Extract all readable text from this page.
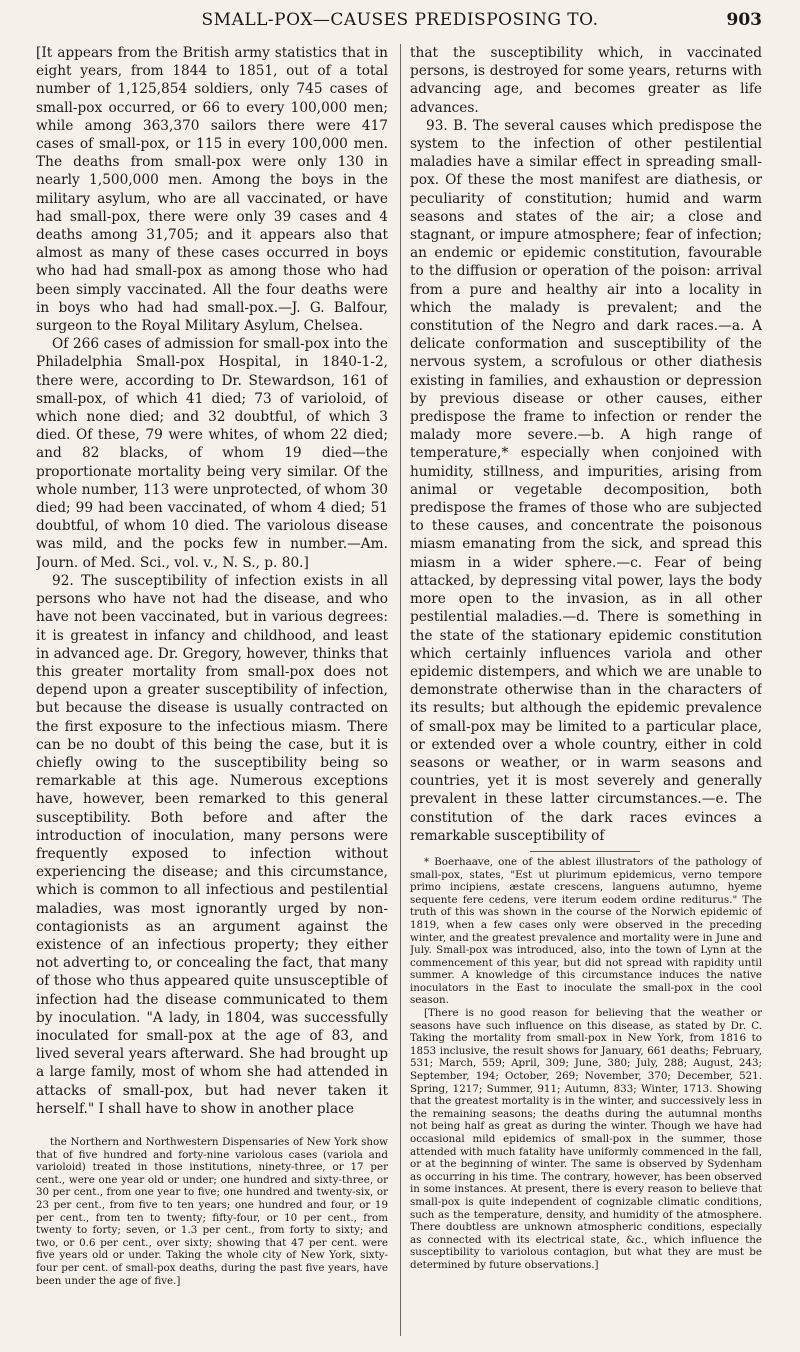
SMALL-POX—CAUSES PREDISPOSING TO.	903

[It appears from the British army statistics that in eight years, from 1844 to 1851, out of a total number of 1,125,854 soldiers, only 745 cases of small-pox occurred, or 66 to every 100,000 men; while among 363,370 sailors there were 417 cases of small-pox, or 115 in every 100,000 men. The deaths from small-pox were only 130 in nearly 1,500,000 men. Among the boys in the military asylum, who are all vaccinated, or have had small-pox, there were only 39 cases and 4 deaths among 31,705; and it appears also that almost as many of these cases occurred in boys who had had small-pox as among those who had been simply vaccinated. All the four deaths were in boys who had had small-pox.—J. G. Balfour, surgeon to the Royal Military Asylum, Chelsea.

Of 266 cases of admission for small-pox into the Philadelphia Small-pox Hospital, in 1840-1-2, there were, according to Dr. Stewardson, 161 of small-pox, of which 41 died; 73 of varioloid, of which none died; and 32 doubtful, of which 3 died. Of these, 79 were whites, of whom 22 died; and 82 blacks, of whom 19 died—the proportionate mortality being very similar. Of the whole number, 113 were unprotected, of whom 30 died; 99 had been vaccinated, of whom 4 died; 51 doubtful, of whom 10 died. The variolous disease was mild, and the pocks few in number.—Am. Journ. of Med. Sci., vol. v., N. S., p. 80.]

92. The susceptibility of infection exists in all persons who have not had the disease, and who have not been vaccinated, but in various degrees: it is greatest in infancy and childhood, and least in advanced age. Dr. Gregory, however, thinks that this greater mortality from small-pox does not depend upon a greater susceptibility of infection, but because the disease is usually contracted on the first exposure to the infectious miasm. There can be no doubt of this being the case, but it is chiefly owing to the susceptibility being so remarkable at this age. Numerous exceptions have, however, been remarked to this general susceptibility. Both before and after the introduction of inoculation, many persons were frequently exposed to infection without experiencing the disease; and this circumstance, which is common to all infectious and pestilential maladies, was most ignorantly urged by non-contagionists as an argument against the existence of an infectious property; they either not adverting to, or concealing the fact, that many of those who thus appeared quite unsusceptible of infection had the disease communicated to them by inoculation. "A lady, in 1804, was successfully inoculated for small-pox at the age of 83, and lived several years afterward. She had brought up a large family, most of whom she had attended in attacks of small-pox, but had never taken it herself." I shall have to show in another place

the Northern and Northwestern Dispensaries of New York show that of five hundred and forty-nine variolous cases (variola and varioloid) treated in those institutions, ninety-three, or 17 per cent., were one year old or under; one hundred and sixty-three, or 30 per cent., from one year to five; one hundred and twenty-six, or 23 per cent., from five to ten years; one hundred and four, or 19 per cent., from ten to twenty; fifty-four, or 10 per cent., from twenty to forty; seven, or 1.3 per cent., from forty to sixty; and two, or 0.6 per cent., over sixty; showing that 47 per cent. were five years old or under. Taking the whole city of New York, sixty-four per cent. of small-pox deaths, during the past five years, have been under the age of five.]

that the susceptibility which, in vaccinated persons, is destroyed for some years, returns with advancing age, and becomes greater as life advances.

93. B. The several causes which predispose the system to the infection of other pestilential maladies have a similar effect in spreading small-pox. Of these the most manifest are diathesis, or peculiarity of constitution; humid and warm seasons and states of the air; a close and stagnant, or impure atmosphere; fear of infection; an endemic or epidemic constitution, favourable to the diffusion or operation of the poison: arrival from a pure and healthy air into a locality in which the malady is prevalent; and the constitution of the Negro and dark races.—a. A delicate conformation and susceptibility of the nervous system, a scrofulous or other diathesis existing in families, and exhaustion or depression by previous disease or other causes, either predispose the frame to infection or render the malady more severe.—b. A high range of temperature,* especially when conjoined with humidity, stillness, and impurities, arising from animal or vegetable decomposition, both predispose the frames of those who are subjected to these causes, and concentrate the poisonous miasm emanating from the sick, and spread this miasm in a wider sphere.—c. Fear of being attacked, by depressing vital power, lays the body more open to the invasion, as in all other pestilential maladies.—d. There is something in the state of the stationary epidemic constitution which certainly influences variola and other epidemic distempers, and which we are unable to demonstrate otherwise than in the characters of its results; but although the epidemic prevalence of small-pox may be limited to a particular place, or extended over a whole country, either in cold seasons or weather, or in warm seasons and countries, yet it is most severely and generally prevalent in these latter circumstances.—e. The constitution of the dark races evinces a remarkable susceptibility of

* Boerhaave, one of the ablest illustrators of the pathology of small-pox, states, "Est ut plurimum epidemicus, verno tempore primo incipiens, æstate crescens, languens autumno, hyeme sequente fere cedens, vere iterum eodem ordine rediturus." The truth of this was shown in the course of the Norwich epidemic of 1819, when a few cases only were observed in the preceding winter, and the greatest prevalence and mortality were in June and July. Small-pox was introduced, also, into the town of Lynn at the commencement of this year, but did not spread with rapidity until summer. A knowledge of this circumstance induces the native inoculators in the East to inoculate the small-pox in the cool season.

[There is no good reason for believing that the weather or seasons have such influence on this disease, as stated by Dr. C. Taking the mortality from small-pox in New York, from 1816 to 1853 inclusive, the result shows for January, 661 deaths; February, 531; March, 559; April, 309; June, 380; July, 288; August, 243; September, 194; October, 269; November, 370; December, 521. Spring, 1217; Summer, 911; Autumn, 833; Winter, 1713. Showing that the greatest mortality is in the winter, and successively less in the remaining seasons; the deaths during the autumnal months not being half as great as during the winter. Though we have had occasional mild epidemics of small-pox in the summer, those attended with much fatality have uniformly commenced in the fall, or at the beginning of winter. The same is observed by Sydenham as occurring in his time. The contrary, however, has been observed in some instances. At present, there is every reason to believe that small-pox is quite independent of cognizable climatic conditions, such as the temperature, density, and humidity of the atmosphere. There doubtless are unknown atmospheric conditions, especially as connected with its electrical state, &c., which influence the susceptibility to variolous contagion, but what they are must be determined by future observations.]
